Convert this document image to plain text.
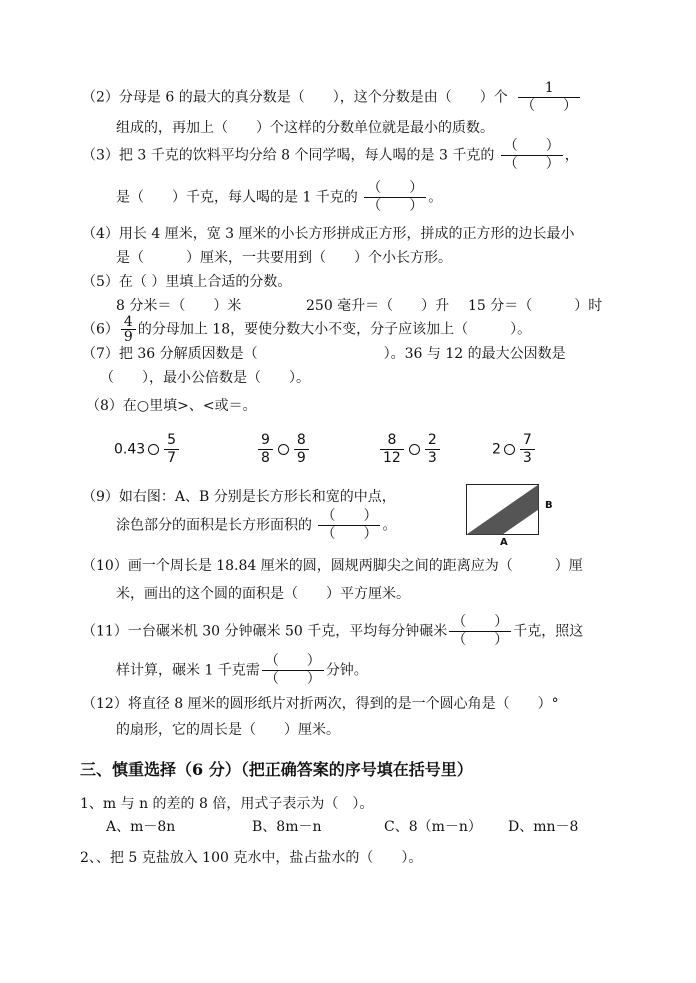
（2）分母是 6 的最大的真分数是（　　），这个分数是由（　　）个 $\frac{1}{( )}$
组成的，再加上（　　）个这样的分数单位就是最小的质数。
（3）把 3 千克的饮料平均分给 8 个同学喝，每人喝的是 3 千克的 $\frac{( )}{( )}$ ，
是（　　）千克，每人喝的是 1 千克的 $\frac{( )}{( )}$ 。
（4）用长 4 厘米，宽 3 厘米的小长方形拼成正方形，拼成的正方形的边长最小
是（　　　）厘米，一共要用到（　　）个小长方形。
（5）在（ ）里填上合适的分数。
8 分米＝（　　）米	250 毫升＝（　　）升 15 分＝（　　　）时
$(6) \frac{4}{9}$ 的分母加上 18，要使分数大小不变，分子应该加上（　　　）。
（7）把 36 分解质因数是（　　　　　　　　　）。36 与 12 的最大公因数是
（　　），最小公倍数是（　　）。
（8）在○里填>、<或＝。
$0.43 \frac{5}{7}$	$\frac{9}{8} \frac{8}{9}$	$\frac{8}{12} \frac{2}{3}$	$2 \frac{7}{3}$
（9）如右图：A、B 分别是长方形长和宽的中点，
涂色部分的面积是长方形面积的 $\frac{( )}{( )}$ 。
B
A
（10）画一个周长是 18.84 厘米的圆，圆规两脚尖之间的距离应为（　　　）厘
米，画出的这个圆的面积是（　　）平方厘米。
（11）一台碾米机 30 分钟碾米 50 千克，平均每分钟碾米 $\frac{( )}{( )}$ 千克，照这
样计算，碾米 1 千克需 $\frac{( )}{( )}$ 分钟。
（12）将直径 8 厘米的圆形纸片对折两次，得到的是一个圆心角是（　　）°
的扇形，它的周长是（　　）厘米。
三、慎重选择（6 分）（把正确答案的序号填在括号里）
1、m 与 n 的差的 8 倍，用式子表示为（　）。
A、m－8n	B、8m－n	C、8（m－n） D、mn－8
2、、把 5 克盐放入 100 克水中，盐占盐水的（　　）。
